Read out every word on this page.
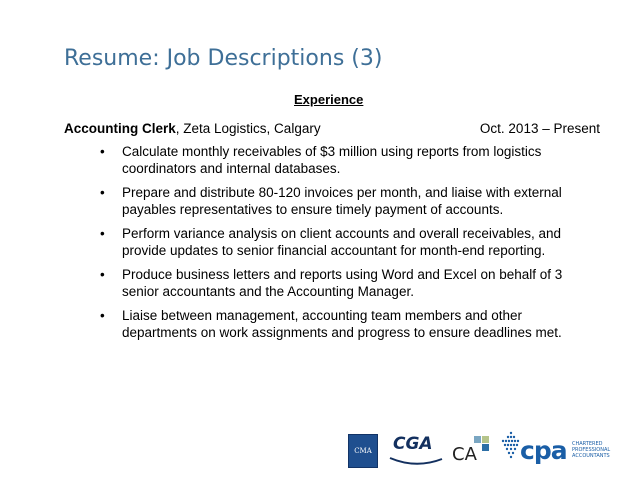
Resume: Job Descriptions (3)
Experience
Accounting Clerk, Zeta Logistics, Calgary	Oct. 2013 – Present
• Calculate monthly receivables of $3 million using reports from logistics coordinators and internal databases.
• Prepare and distribute 80-120 invoices per month, and liaise with external payables representatives to ensure timely payment of accounts.
• Perform variance analysis on client accounts and overall receivables, and provide updates to senior financial accountant for month-end reporting.
• Produce business letters and reports using Word and Excel on behalf of 3 senior accountants and the Accounting Manager.
• Liaise between management, accounting team members and other departments on work assignments and progress to ensure deadlines met.
CMA	CGA CA cpa CHARTERED PROFESSIONAL ACCOUNTANTS
